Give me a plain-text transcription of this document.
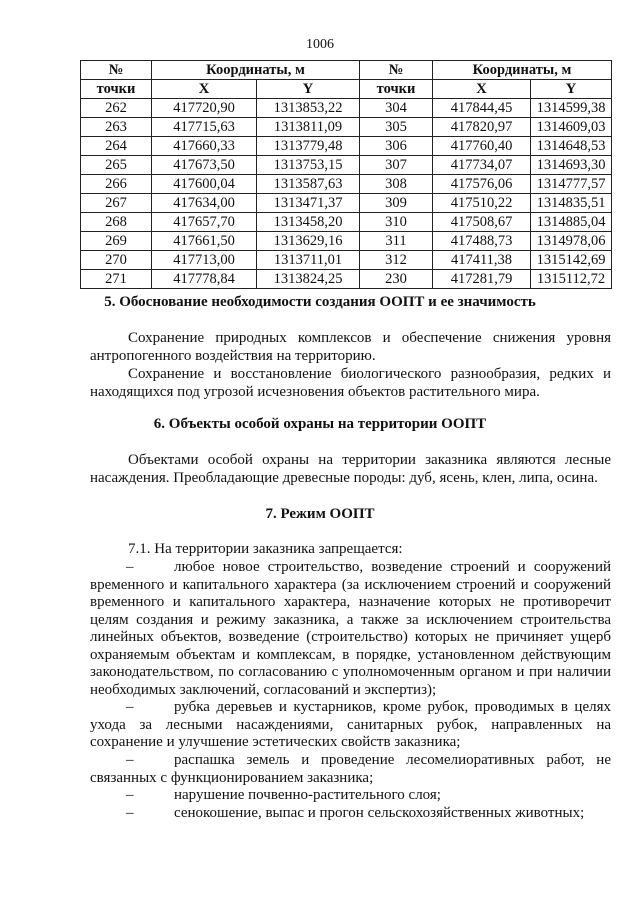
1006
№	Координаты, м		№	Координаты, м	
точки	X	Y	точки	X	Y
262	417720,90	1313853,22	304	417844,45	1314599,38
263	417715,63	1313811,09	305	417820,97	1314609,03
264	417660,33	1313779,48	306	417760,40	1314648,53
265	417673,50	1313753,15	307	417734,07	1314693,30
266	417600,04	1313587,63	308	417576,06	1314777,57
267	417634,00	1313471,37	309	417510,22	1314835,51
268	417657,70	1313458,20	310	417508,67	1314885,04
269	417661,50	1313629,16	311	417488,73	1314978,06
270	417713,00	1313711,01	312	417411,38	1315142,69
271	417778,84	1313824,25	230	417281,79	1315112,72
5. Обоснование необходимости создания ООПТ и ее значимость
Сохранение природных комплексов и обеспечение снижения уровня антропогенного воздействия на территорию.
Сохранение и восстановление биологического разнообразия, редких и находящихся под угрозой исчезновения объектов растительного мира.
6. Объекты особой охраны на территории ООПТ
Объектами особой охраны на территории заказника являются лесные насаждения. Преобладающие древесные породы: дуб, ясень, клен, липа, осина.
7. Режим ООПТ
7.1. На территории заказника запрещается:
–	любое новое строительство, возведение строений и сооружений временного и капитального характера (за исключением строений и сооружений временного и капитального характера, назначение которых не противоречит целям создания и режиму заказника, а также за исключением строительства линейных объектов, возведение (строительство) которых не причиняет ущерб охраняемым объектам и комплексам, в порядке, установленном действующим законодательством, по согласованию с уполномоченным органом и при наличии необходимых заключений, согласований и экспертиз);
–	рубка деревьев и кустарников, кроме рубок, проводимых в целях ухода за лесными насаждениями, санитарных рубок, направленных на сохранение и улучшение эстетических свойств заказника;
–	распашка земель и проведение лесомелиоративных работ, не связанных с функционированием заказника;
–	нарушение почвенно-растительного слоя;
–	сенокошение, выпас и прогон сельскохозяйственных животных;
